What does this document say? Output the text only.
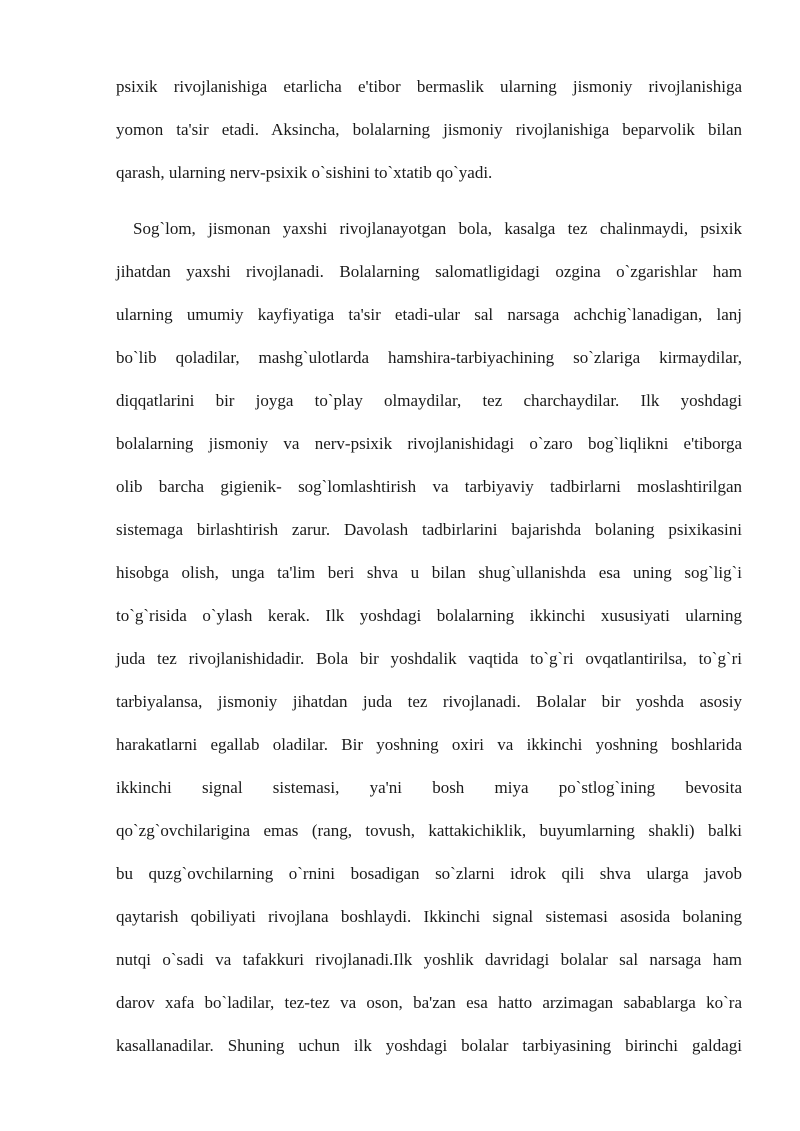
psixik rivojlanishiga etarlicha e'tibor bermaslik ularning jismoniy rivojlanishiga
yomon ta'sir etadi. Aksincha, bolalarning jismoniy rivojlanishiga beparvolik bilan
qarash, ularning nerv-psixik o`sishini to`xtatib qo`yadi.
Sog`lom, jismonan yaxshi rivojlanayotgan bola, kasalga tez chalinmaydi, psixik
jihatdan yaxshi rivojlanadi. Bolalarning salomatligidagi ozgina o`zgarishlar ham
ularning umumiy kayfiyatiga ta'sir etadi-ular sal narsaga achchig`lanadigan, lanj
bo`lib qoladilar, mashg`ulotlarda hamshira-tarbiyachining so`zlariga kirmaydilar,
diqqatlarini bir joyga to`play olmaydilar, tez charchaydilar. Ilk yoshdagi
bolalarning jismoniy va nerv-psixik rivojlanishidagi o`zaro bog`liqlikni e'tiborga
olib barcha gigienik- sog`lomlashtirish va tarbiyaviy tadbirlarni moslashtirilgan
sistemaga birlashtirish zarur. Davolash tadbirlarini bajarishda bolaning psixikasini
hisobga olish, unga ta'lim beri shva u bilan shug`ullanishda esa uning sog`lig`i
to`g`risida o`ylash kerak. Ilk yoshdagi bolalarning ikkinchi xususiyati ularning
juda tez rivojlanishidadir. Bola bir yoshdalik vaqtida to`g`ri ovqatlantirilsa, to`g`ri
tarbiyalansa, jismoniy jihatdan juda tez rivojlanadi. Bolalar bir yoshda asosiy
harakatlarni egallab oladilar. Bir yoshning oxiri va ikkinchi yoshning boshlarida
ikkinchi signal sistemasi, ya'ni bosh miya po`stlog`ining bevosita
qo`zg`ovchilarigina emas (rang, tovush, kattakichiklik, buyumlarning shakli) balki
bu quzg`ovchilarning o`rnini bosadigan so`zlarni idrok qili shva ularga javob
qaytarish qobiliyati rivojlana boshlaydi. Ikkinchi signal sistemasi asosida bolaning
nutqi o`sadi va tafakkuri rivojlanadi.Ilk yoshlik davridagi bolalar sal narsaga ham
darov xafa bo`ladilar, tez-tez va oson, ba'zan esa hatto arzimagan sabablarga ko`ra
kasallanadilar. Shuning uchun ilk yoshdagi bolalar tarbiyasining birinchi galdagi
